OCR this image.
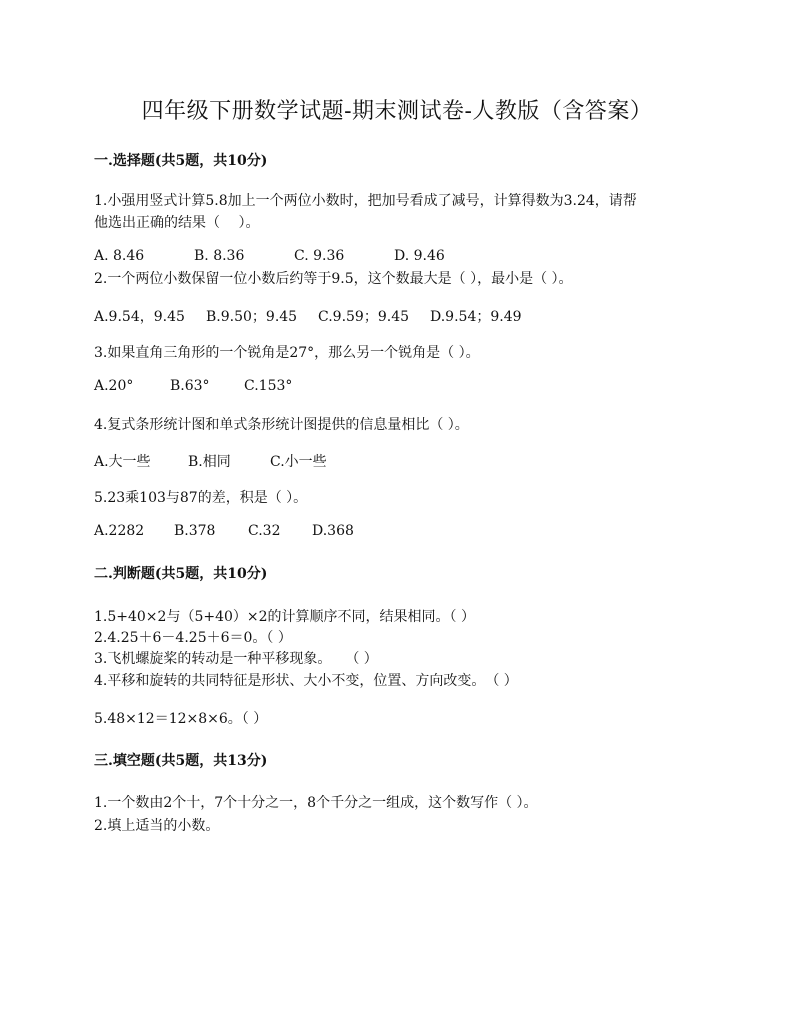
四年级下册数学试题-期末测试卷-人教版（含答案）
一.选择题(共5题，共10分)
1.小强用竖式计算5.8加上一个两位小数时，把加号看成了减号，计算得数为3.24，请帮
他选出正确的结果（　 ）。
A. 8.46	B. 8.36	C. 9.36	D. 9.46
2.一个两位小数保留一位小数后约等于9.5，这个数最大是（ ），最小是（ ）。
A.9.54，9.45	B.9.50；9.45	C.9.59；9.45	D.9.54；9.49
3.如果直角三角形的一个锐角是27°，那么另一个锐角是（ ）。
A.20°	B.63°	C.153°
4.复式条形统计图和单式条形统计图提供的信息量相比（ ）。
A.大一些	B.相同	C.小一些
5.23乘103与87的差，积是（ ）。
A.2282	B.378	C.32	D.368
二.判断题(共5题，共10分)
1.5+40×2与（5+40）×2的计算顺序不同，结果相同。（ ）
2.4.25＋6－4.25＋6＝0。（ ）
3.飞机螺旋桨的转动是一种平移现象。　　（ ）
4.平移和旋转的共同特征是形状、大小不变，位置、方向改变。　（ ）
5.48×12＝12×8×6。（ ）
三.填空题(共5题，共13分)
1.一个数由2个十，7个十分之一，8个千分之一组成，这个数写作（ ）。
2.填上适当的小数。
